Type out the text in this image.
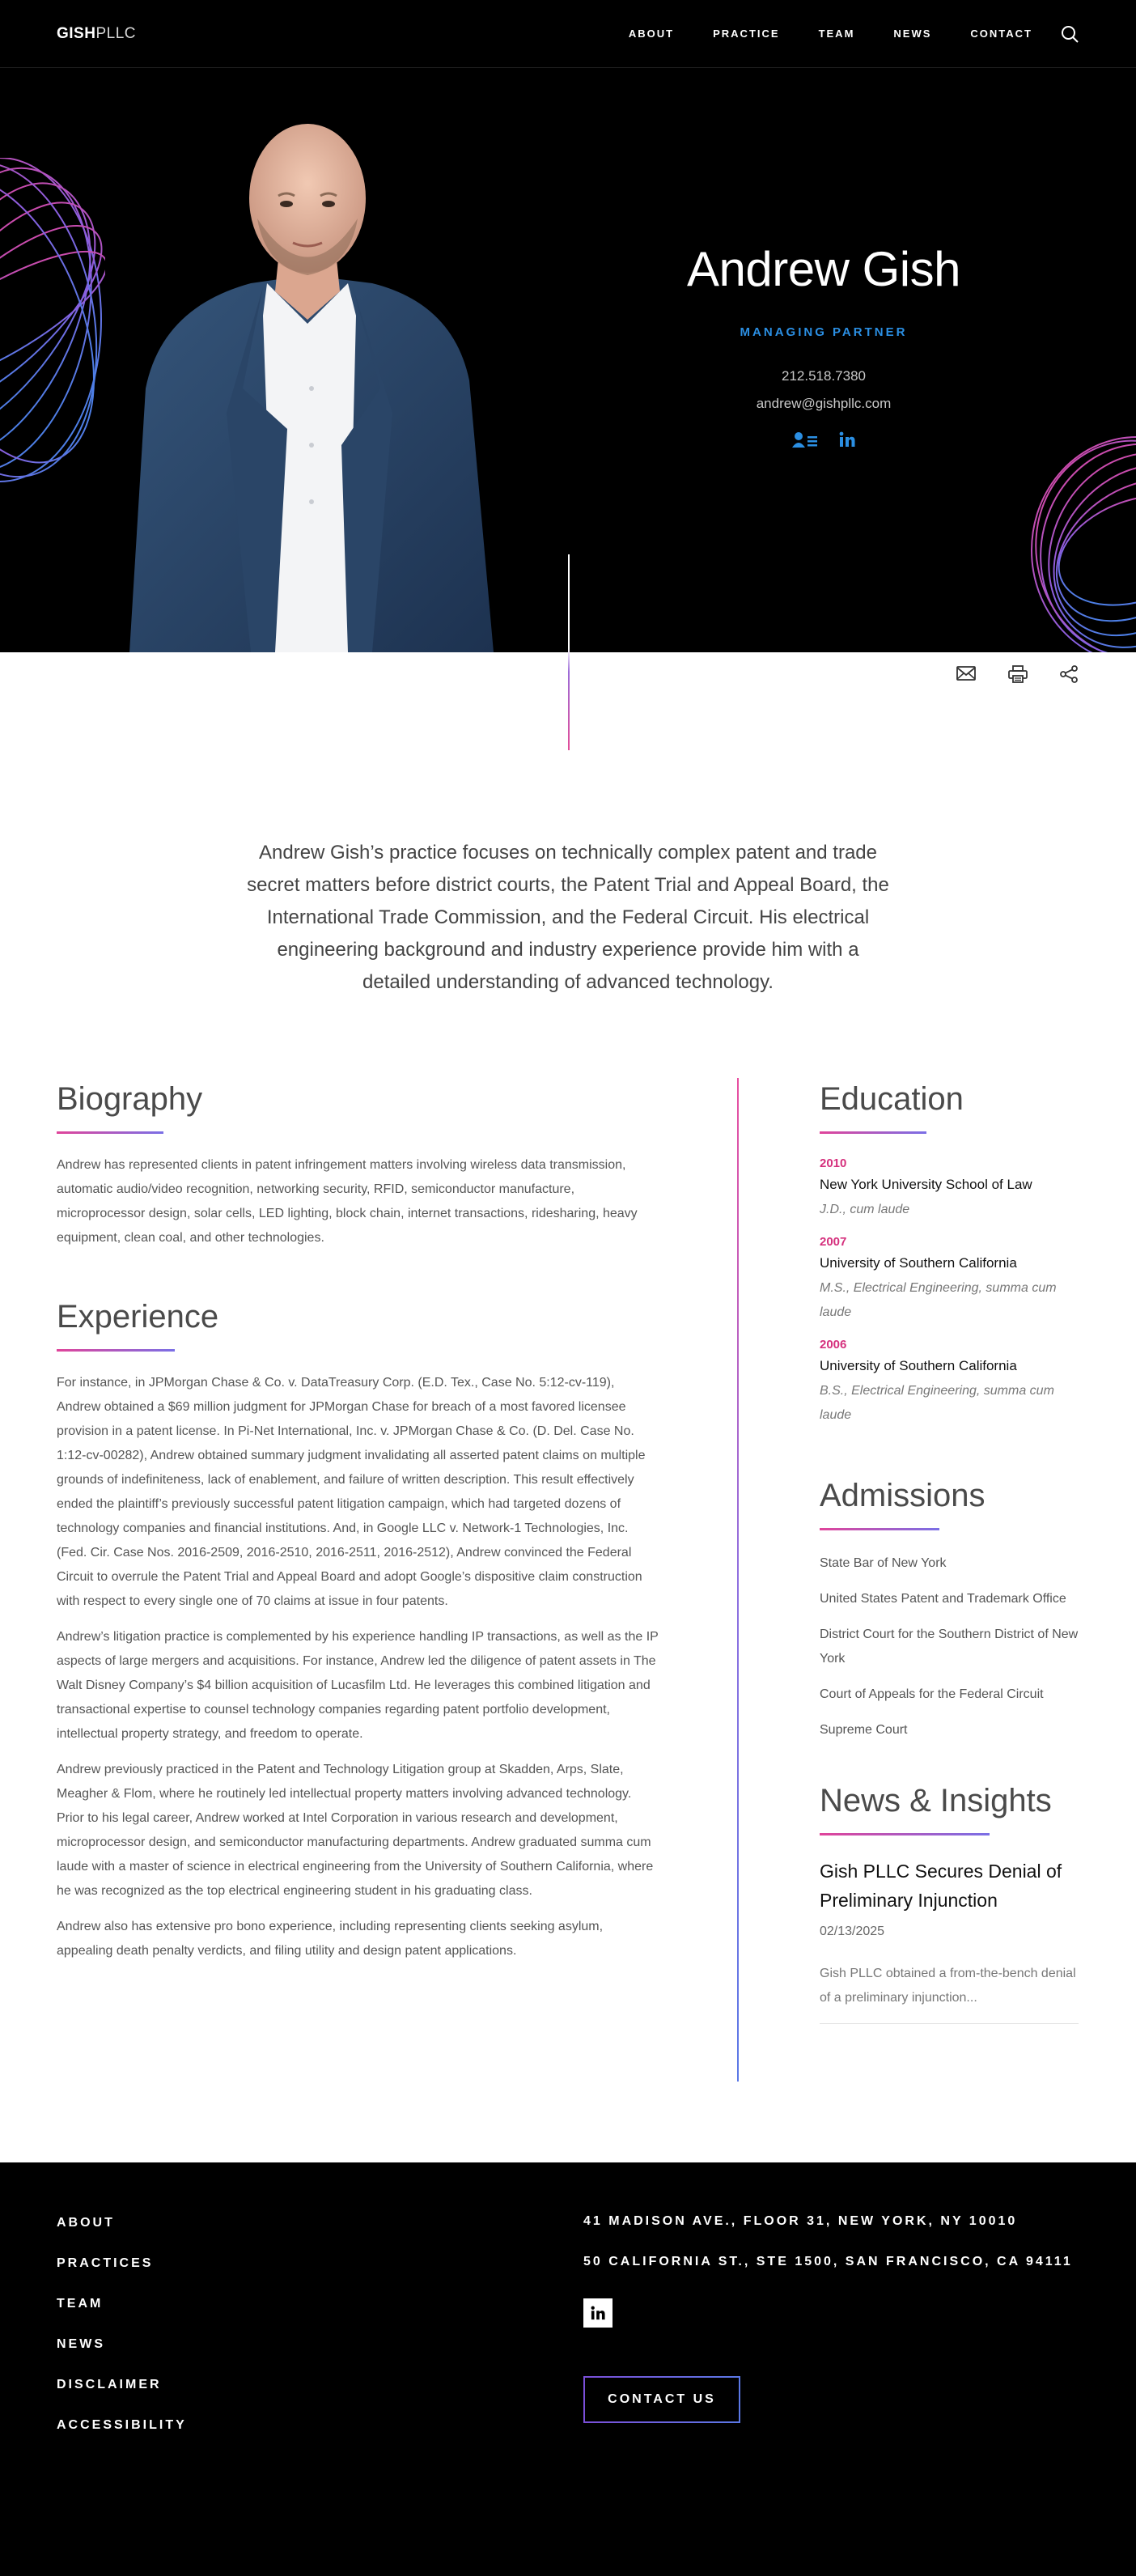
Andrew Gish
MANAGING PARTNER
212.518.7380
andrew@gishpllc.com
GISHPLLC	ABOUT	PRACTICE	TEAM	NEWS	CONTACT

Andrew Gish’s practice focuses on technically complex patent and trade secret matters before district courts, the Patent Trial and Appeal Board, the International Trade Commission, and the Federal Circuit. His electrical engineering background and industry experience provide him with a detailed understanding of advanced technology.

Biography

Andrew has represented clients in patent infringement matters involving wireless data transmission, automatic audio/video recognition, networking security, RFID, semiconductor manufacture, microprocessor design, solar cells, LED lighting, block chain, internet transactions, ridesharing, heavy equipment, clean coal, and other technologies.

Experience

For instance, in JPMorgan Chase & Co. v. DataTreasury Corp. (E.D. Tex., Case No. 5:12-cv-119), Andrew obtained a $69 million judgment for JPMorgan Chase for breach of a most favored licensee provision in a patent license. In Pi-Net International, Inc. v. JPMorgan Chase & Co. (D. Del. Case No. 1:12-cv-00282), Andrew obtained summary judgment invalidating all asserted patent claims on multiple grounds of indefiniteness, lack of enablement, and failure of written description. This result effectively ended the plaintiff’s previously successful patent litigation campaign, which had targeted dozens of technology companies and financial institutions. And, in Google LLC v. Network-1 Technologies, Inc. (Fed. Cir. Case Nos. 2016-2509, 2016-2510, 2016-2511, 2016-2512), Andrew convinced the Federal Circuit to overrule the Patent Trial and Appeal Board and adopt Google’s dispositive claim construction with respect to every single one of 70 claims at issue in four patents.

Andrew’s litigation practice is complemented by his experience handling IP transactions, as well as the IP aspects of large mergers and acquisitions. For instance, Andrew led the diligence of patent assets in The Walt Disney Company’s $4 billion acquisition of Lucasfilm Ltd. He leverages this combined litigation and transactional expertise to counsel technology companies regarding patent portfolio development, intellectual property strategy, and freedom to operate.

Andrew previously practiced in the Patent and Technology Litigation group at Skadden, Arps, Slate, Meagher & Flom, where he routinely led intellectual property matters involving advanced technology. Prior to his legal career, Andrew worked at Intel Corporation in various research and development, microprocessor design, and semiconductor manufacturing departments. Andrew graduated summa cum laude with a master of science in electrical engineering from the University of Southern California, where he was recognized as the top electrical engineering student in his graduating class.

Andrew also has extensive pro bono experience, including representing clients seeking asylum, appealing death penalty verdicts, and filing utility and design patent applications.

Education
2010
New York University School of Law
J.D., cum laude
2007
University of Southern California
M.S., Electrical Engineering, summa cum laude
2006
University of Southern California
B.S., Electrical Engineering, summa cum laude
Admissions
State Bar of New York
United States Patent and Trademark Office
District Court for the Southern District of New York
Court of Appeals for the Federal Circuit
Supreme Court
News & Insights
Gish PLLC Secures Denial of Preliminary Injunction
02/13/2025
Gish PLLC obtained a from-the-bench denial of a preliminary injunction...
ABOUT
PRACTICES
TEAM
NEWS
DISCLAIMER
ACCESSIBILITY
41 MADISON AVE., FLOOR 31, NEW YORK, NY 10010
50 CALIFORNIA ST., STE 1500, SAN FRANCISCO, CA 94111
CONTACT US
